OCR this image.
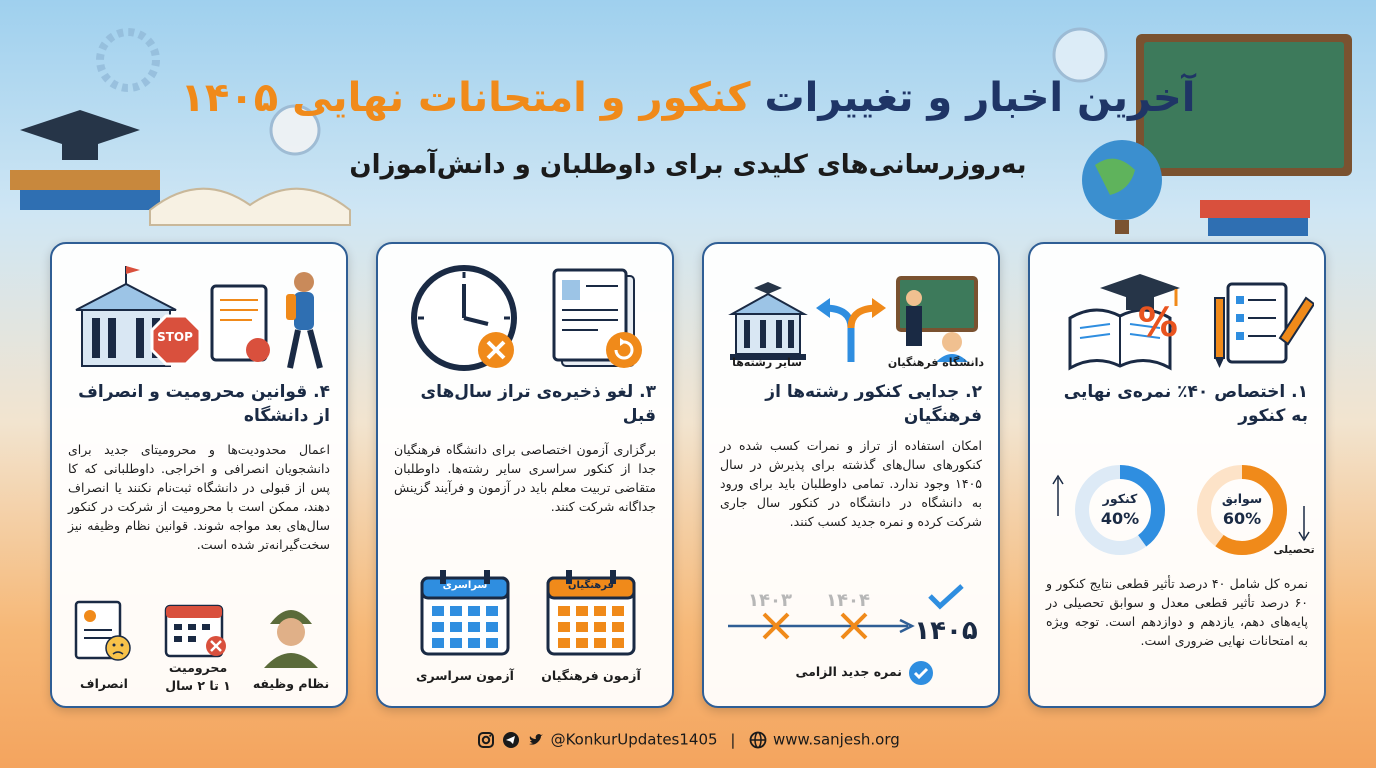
آخرین اخبار و تغییرات کنکور و امتحانات نهایی ۱۴۰۵
به‌روزرسانی‌های کلیدی برای داوطلبان و دانش‌آموزان
%
۱. اختصاص ۴۰٪ نمره‌ی نهایی به کنکور
کنکور
40%
سوابق
60%
تحصیلی
نمره کل شامل ۴۰ درصد تأثیر قطعی نتایج کنکور و ۶۰ درصد تأثیر قطعی معدل و سوابق تحصیلی در پایه‌های دهم، یازدهم و دوازدهم است. توجه ویژه به امتحانات نهایی ضروری است.
سایر رشته‌ها	دانشگاه فرهنگیان
۲. جدایی کنکور رشته‌ها از فرهنگیان
امکان استفاده از تراز و نمرات کسب شده در کنکورهای سال‌های گذشته برای پذیرش در سال ۱۴۰۵ وجود ندارد. تمامی داوطلبان باید برای ورود به دانشگاه در دانشگاه در کنکور سال جاری شرکت کرده و نمره جدید کسب کنند.
۱۴۰۳	۱۴۰۴
۱۴۰۵
نمره جدید الزامی
۳. لغو ذخیره‌ی تراز سال‌های قبل
برگزاری آزمون اختصاصی برای دانشگاه فرهنگیان جدا از کنکور سراسری سایر رشته‌ها. داوطلبان متقاضی تربیت معلم باید در آزمون و فرآیند گزینش جداگانه شرکت کنند.
فرهنگیان
آزمون فرهنگیان
سراسری
آزمون سراسری
STOP
۴. قوانین محرومیت و انصراف از دانشگاه
اعمال محدودیت‌ها و محرومیتای جدید برای دانشجویان انصرافی و اخراجی. داوطلبانی که کا پس از قبولی در دانشگاه ثبت‌نام نکنند یا انصراف دهند، ممکن است با محرومیت از شرکت در کنکور سال‌های بعد مواجه شوند. قوانین نظام وظیفه نیز سخت‌گیرانه‌تر شده است.
نظام وظیفه
محرومیت
۱ تا ۲ سال
انصراف
@KonkurUpdates1405 |	www.sanjesh.org
